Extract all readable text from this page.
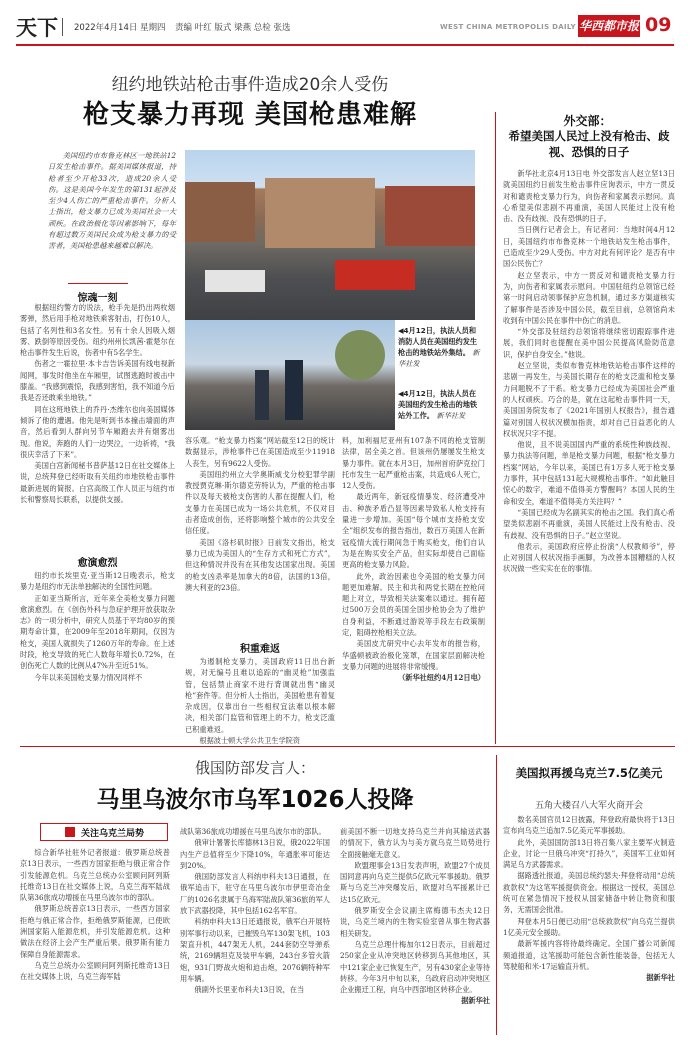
天下 2022年4月14日 星期四 责编 叶红 版式 梁燕 总检 张选	WEST CHINA METROPOLIS DAILY 华西都市报 09
纽约地铁站枪击事件造成20余人受伤
枪支暴力再现 美国枪患难解
美国纽约市布鲁克林区一地铁站12日发生枪击事件。据美国媒体报道，持枪者至少开枪33次，造成20余人受伤。这是美国今年发生的第131起涉及至少4人伤亡的严重枪击事件。分析人士指出，枪支暴力已成为美国社会一大顽疾。在政治极化等因素影响下，每年有超过数万美国民众成为枪支暴力的受害者，美国枪患越来越难以解决。
◀4月12日，执法人员和消防人员在美国纽约发生枪击的地铁站外集结。 新华社发
◀4月12日，执法人员在美国纽约发生枪击的地铁站外工作。 新华社发
惊魂一刻

根据纽约警方的说法，枪手先是扔出两枚烟雾弹，然后用手枪对地铁乘客射击，打伤10人，包括了名列性和3名女性。另有十余人因吸入烟雾、跌倒等原因受伤。纽约州州长凯茜·霍楚尔在枪击事件发生后说，伤者中有5名学生。

伤者之一霍拉里·本卡吉告诉美国有线电视新闻网，事发时他坐在车厢里，试图逃跑时被击中膝盖。“我感到震惊，我感到害怕，我不知道今后我是否还敢乘坐地铁。”

同在这班地铁上的乔丹·杰维尔也向美国媒体倾诉了他的遭遇。他先是听到书本撞击墙面的声音，然后看到人群向另节车厢跑去并有烟雾出现。他说，奔跑的人们一边哭泣，一边祈祷，“我很庆幸活了下来”。

美国白宫新闻秘书普萨基12日在社交媒体上说，总统拜登已经听取有关纽约市地铁枪击事件最新进展的简报。白宫高级工作人员正与纽约市长和警察局长联系，以提供支援。

愈演愈烈

纽约市长埃里克·亚当斯12日晚表示，枪支暴力是纽约市无法单独解决的全国性问题。

正如亚当斯所言，近年来全美枪支暴力问题愈演愈烈。在《创伤外科与急症护理开放获取杂志》的一项分析中，研究人员基于平均80岁的预期寿命计算，在2009年至2018年期间，仅因为枪支，美国人就损失了1260万年的寿命。在上述时段，枪支导致的死亡人数每年增长0.72%，在创伤死亡人数的比例从47%升至近51%。

今年以来美国枪支暴力情况同样不

容乐观。“枪支暴力档案”网站截至12日的统计数据显示，涉枪事件已在美国造成至少11918人丧生，另有9622人受伤。

美国纽约州立大学奥斯威戈分校犯罪学副教授贾克琳·斯尔德克劳特认为，严重的枪击事件以及每天被枪支伤害的人都在提醒人们，枪支暴力在美国已成为一场公共危机，不仅对目击者造成创伤，还将影响整个城市的公共安全信任度。

美国《洛杉矶时报》日前发文指出，枪支暴力已成为美国人的“生存方式和死亡方式”，但这种情况并没有在其他发达国家出现。美国的枪支凶杀率是加拿大的8倍，法国的13倍，澳大利亚的23倍。

积重难返

为遏制枪支暴力，美国政府11日出台新规，对无编号且难以追踪的“幽灵枪”加强监管，包括禁止商家不进行背调就出售“幽灵枪”套件等。但分析人士指出，美国枪患有着复杂成因，仅靠出台一些相权宜法难以根本解决，相关部门监管和管理上的不力，枪支泛滥已积重难返。

根据波士顿大学公共卫生学院资

料，加利福尼亚州有107条不同的枪支管制法律，居全美之首。但该州仍屡屡发生枪支暴力事件。就在本月3日，加州首府萨克拉门托市发生一起严重枪击案，共造成6人死亡，12人受伤。

最近两年，新冠疫情暴发、经济遭受冲击、种族矛盾凸显等因素导致私人枪支持有量进一步增加。美国“每个城市支持枪支安全”组织发布的报告指出，数百万美国人在新冠疫情大流行期间急于购买枪支，他们自认为是在购买安全产品，但实际却使自己面临更高的枪支暴力风险。

此外，政治因素也令美国的枪支暴力问题更加难解。民主和共和两党长期在控枪问题上对立，导致相关法案难以通过。拥有超过500万会员的美国全国步枪协会为了维护自身利益，不断通过游说等手段左右政策制定，阻碍控枪相关立法。

美国皮尤研究中心去年发布的报告称，华盛顿被政治极化笼罩，在国家层面解决枪支暴力问题的进展将非常缓慢。

（新华社纽约4月12日电）

外交部：
希望美国人民过上没有枪击、歧视、恐惧的日子

新华社北京4月13日电 外交部发言人赵立坚13日就美国纽约日前发生枪击事件应询表示，中方一贯反对和谴责枪支暴力行为，向伤者和家属表示慰问。真心希望美似悲剧不再重演，美国人民能过上没有枪击、没有歧视、没有恐惧的日子。

当日例行记者会上，有记者问：当地时间4月12日，美国纽约市布鲁克林一个地铁站发生枪击事件，已造成至少29人受伤。中方对此有何评论？是否有中国公民伤亡？

赵立坚表示，中方一贯反对和谴责枪支暴力行为，向伤者和家属表示慰问。中国驻纽约总领馆已经第一时间启动领事保护应急机制，通过多方渠道核实了解事件是否涉及中国公民，截至目前，总领馆尚未收到有中国公民在事件中伤亡的消息。

“外交部及驻纽约总领馆将继续密切跟踪事件进展，我们同时也提醒在美中国公民提高风险防范意识，保护自身安全。”他说。

赵立坚说，类似布鲁克林地铁站枪击事件这样的悲剧一再发生，与美国长期存在的枪支泛滥和枪支暴力问题脱不了干系。枪支暴力已经成为美国社会严重的人权顽疾。巧合的是，就在这起枪击事件同一天，美国国务院发布了《2021年国别人权报告》，报告通篇对别国人权状况横加指责，却对自己日益恶化的人权状况只字不提。

他说，且不说美国国内严重的系统性种族歧视、暴力执法等问题，单是枪支暴力问题，根据“枪支暴力档案”网站，今年以来，美国已有1万多人死于枪支暴力事件，其中包括131起大规模枪击事件。“如此触目惊心的数字，难道不值得美方警醒吗？本国人民的生命和安全，难道不值得美方关注吗？”

“美国已经成为名副其实的枪击之国。我们真心希望类似悲剧不再重演，美国人民能过上没有枪击、没有歧视、没有恐惧的日子。”赵立坚说。

他表示，美国政府应停止扮演“人权教师爷”，停止对别国人权状况指手画脚，为改善本国糟糕的人权状况做一些实实在在的事情。

俄国防部发言人：
马里乌波尔市乌军1026人投降
关注乌克兰局势

综合新华社驻外记者报道：俄罗斯总统普京13日表示，一些西方国家拒绝与俄正常合作引发能源危机。乌克兰总统办公室顾问阿列斯托维奇13日在社交媒体上说，乌克兰海军陆战队第36旅成功增援在马里乌波尔市的部队。

俄罗斯总统普京13日表示，一些西方国家拒绝与俄正常合作，拒绝俄罗斯能源，已使欧洲国家陷入能源危机，并引发能源危机。这种做法在经济上会产生严重后果。俄罗斯有能力保障自身能源需求。

乌克兰总统办公室顾问阿列斯托维奇13日在社交媒体上说，乌克兰海军陆

战队第36旅成功增援在马里乌波尔市的部队。

俄审计署署长库德林13日说，俄2022年国内生产总值将至少下降10%，年通胀率可能达到20%。

俄国防部发言人科纳申科夫13日通报，在俄军追击下，驻守在马里乌波尔市伊里奇冶金厂的1026名隶属于乌海军陆战队第36旅的军人放下武器投降，其中包括162名军官。

科纳申科夫13日还通报说，俄军白开展特别军事行动以来，已摧毁乌军130架飞机，103架直升机，447架无人机，244套防空导弹系统，2169辆坦克及装甲车辆，243台多管火箭炮，931门野战火炮和迫击炮，2076辆特种军用车辆。

俄副外长里亚布科夫13日说，在当

前美国不断一切地支持乌克兰并向其输送武器的情况下，俄方认为与美方就乌克兰局势进行全面接触毫无意义。

欧盟理事会13日发表声明，欧盟27个成员国同意再向乌克兰提供5亿欧元军事援助。俄罗斯与乌克兰冲突爆发后，欧盟对乌军援累计已达15亿欧元。

俄罗斯安全会议副主席梅德韦杰夫12日说，乌克兰境内的生物实验室曾从事生物武器相关研发。

乌克兰总理什梅加尔12日表示，目前超过250家企业从冲突地区转移到乌其他地区，其中121家企业已恢复生产，另有430家企业等待转移。今年3月中旬以来，乌政府启动冲突地区企业搬迁工程，向乌中西部地区转移企业。

据新华社

美国拟再援乌克兰7.5亿美元
五角大楼召八大军火商开会

数名美国官员12日披露，拜登政府最快将于13日宣布向乌克兰追加7.5亿美元军事援助。

此外，美国国防部13日将召集八家主要军火制造企业，讨论一旦俄乌冲突“打持久”，美国军工业如何满足乌方武器需求。

据路透社报道，美国总统约瑟夫·拜登将动用“总统救款权”为这笔军援提供资金。根据这一授权，美国总统可在紧急情况下授权从国家储备中转让物资和服务，无需国会批准。

拜登本月5日便已动用“总统救款权”向乌克兰提供1亿美元安全援助。

最新军援内容将待最终确定。全国广播公司新闻频道报道，这笔援助可能包含新性能装备，包括无人驾驶船和米-17运输直升机。

据新华社
